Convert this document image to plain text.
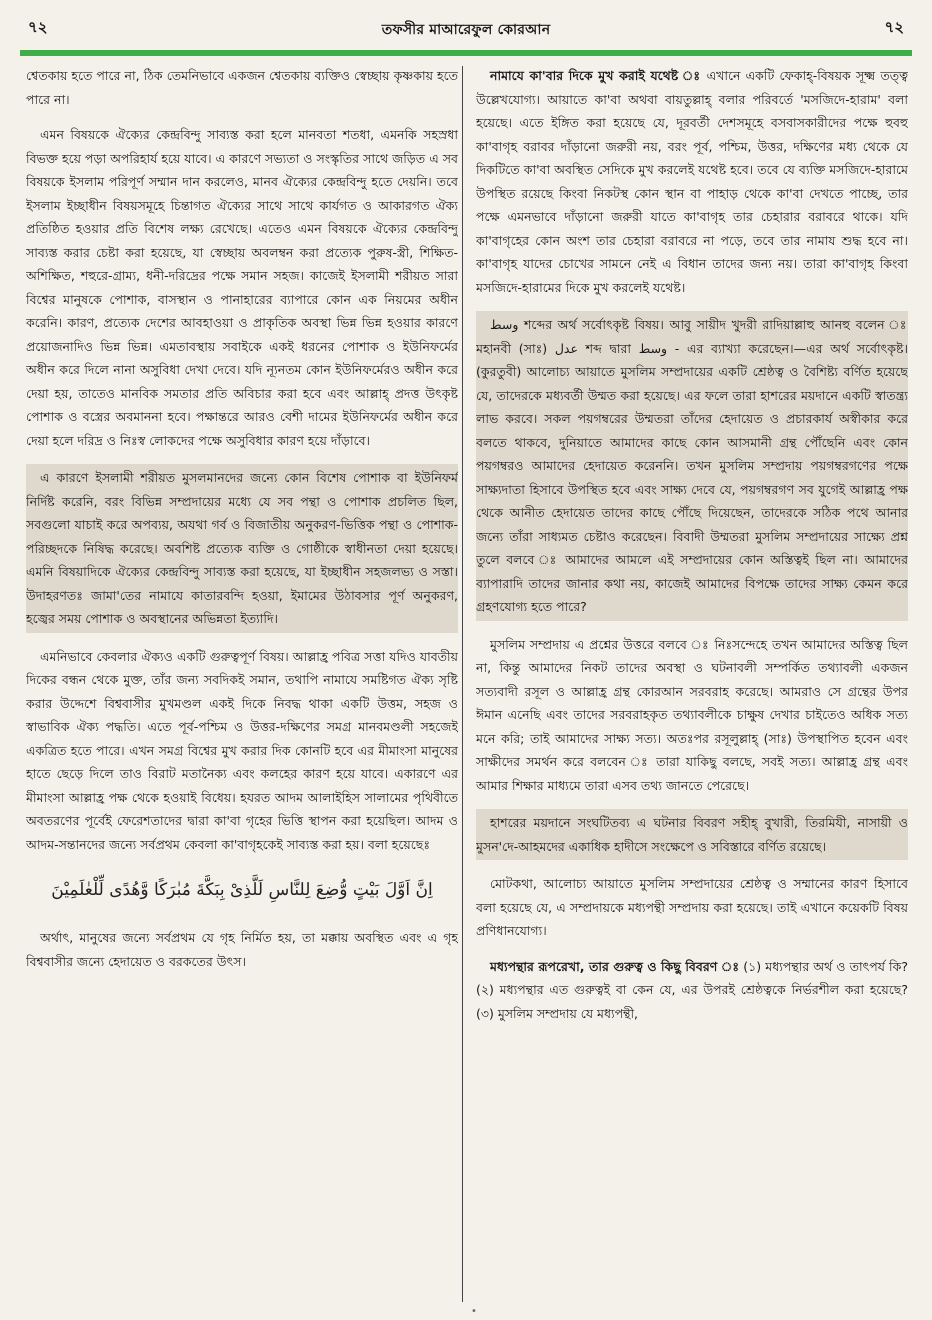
৭২	তফসীর মাআরেফুল কোরআন	৭২

শ্বেতকায় হতে পারে না, ঠিক তেমনিভাবে একজন শ্বেতকায় ব্যক্তিও স্বেচ্ছায় কৃষ্ণকায় হতে পারে না।

এমন বিষয়কে ঐক্যের কেন্দ্রবিন্দু সাব্যস্ত করা হলে মানবতা শতধা, এমনকি সহস্রধা বিভক্ত হয়ে পড়া অপরিহার্য হয়ে যাবে। এ কারণে সভ্যতা ও সংস্কৃতির সাথে জড়িত এ সব বিষয়কে ইসলাম পরিপূর্ণ সম্মান দান করলেও, মানব ঐক্যের কেন্দ্রবিন্দু হতে দেয়নি। তবে ইসলাম ইচ্ছাধীন বিষয়সমূহে চিন্তাগত ঐক্যের সাথে সাথে কার্যগত ও আকারগত ঐক্য প্রতিষ্ঠিত হওয়ার প্রতি বিশেষ লক্ষ্য রেখেছে। এতেও এমন বিষয়কে ঐক্যের কেন্দ্রবিন্দু সাব্যস্ত করার চেষ্টা করা হয়েছে, যা স্বেচ্ছায় অবলম্বন করা প্রত্যেক পুরুষ-স্ত্রী, শিক্ষিত-অশিক্ষিত, শহুরে-গ্রাম্য, ধনী-দরিদ্রের পক্ষে সমান সহজ। কাজেই ইসলামী শরীয়ত সারা বিশ্বের মানুষকে পোশাক, বাসস্থান ও পানাহারের ব্যাপারে কোন এক নিয়মের অধীন করেনি। কারণ, প্রত্যেক দেশের আবহাওয়া ও প্রাকৃতিক অবস্থা ভিন্ন ভিন্ন হওয়ার কারণে প্রয়োজনাদিও ভিন্ন ভিন্ন। এমতাবস্থায় সবাইকে একই ধরনের পোশাক ও ইউনিফর্মের অধীন করে দিলে নানা অসুবিধা দেখা দেবে। যদি ন্যূনতম কোন ইউনিফর্মেরও অধীন করে দেয়া হয়, তাতেও মানবিক সমতার প্রতি অবিচার করা হবে এবং আল্লাহ্ প্রদত্ত উৎকৃষ্ট পোশাক ও বস্ত্রের অবমাননা হবে। পক্ষান্তরে আরও বেশী দামের ইউনিফর্মের অধীন করে দেয়া হলে দরিদ্র ও নিঃস্ব লোকদের পক্ষে অসুবিধার কারণ হয়ে দাঁড়াবে।

এ কারণে ইসলামী শরীয়ত মুসলমানদের জন্যে কোন বিশেষ পোশাক বা ইউনিফর্ম নির্দিষ্ট করেনি, বরং বিভিন্ন সম্প্রদায়ের মধ্যে যে সব পন্থা ও পোশাক প্রচলিত ছিল, সবগুলো যাচাই করে অপব্যয়, অযথা গর্ব ও বিজাতীয় অনুকরণ-ভিত্তিক পন্থা ও পোশাক-পরিচ্ছদকে নিষিদ্ধ করেছে। অবশিষ্ট প্রত্যেক ব্যক্তি ও গোষ্ঠীকে স্বাধীনতা দেয়া হয়েছে। এমনি বিষয়াদিকে ঐক্যের কেন্দ্রবিন্দু সাব্যস্ত করা হয়েছে, যা ইচ্ছাধীন সহজলভ্য ও সস্তা। উদাহরণতঃ জামা'তের নামাযে কাতারবন্দি হওয়া, ইমামের উঠাবসার পূর্ণ অনুকরণ, হজ্বের সময় পোশাক ও অবস্থানের অভিন্নতা ইত্যাদি।

এমনিভাবে কেবলার ঐক্যও একটি গুরুত্বপূর্ণ বিষয়। আল্লাহ্র পবিত্র সত্তা যদিও যাবতীয় দিকের বন্ধন থেকে মুক্ত, তাঁর জন্য সবদিকই সমান, তথাপি নামাযে সমষ্টিগত ঐক্য সৃষ্টি করার উদ্দেশে বিশ্ববাসীর মুখমণ্ডল একই দিকে নিবদ্ধ থাকা একটি উত্তম, সহজ ও স্বাভাবিক ঐক্য পদ্ধতি। এতে পূর্ব-পশ্চিম ও উত্তর-দক্ষিণের সমগ্র মানবমণ্ডলী সহজেই একত্রিত হতে পারে। এখন সমগ্র বিশ্বের মুখ করার দিক কোনটি হবে এর মীমাংসা মানুষের হাতে ছেড়ে দিলে তাও বিরাট মতানৈক্য এবং কলহের কারণ হয়ে যাবে। একারণে এর মীমাংসা আল্লাহ্র পক্ষ থেকে হওয়াই বিধেয়। হযরত আদম আলাইহিস সালামের পৃথিবীতে অবতরণের পূর্বেই ফেরেশতাদের দ্বারা কা'বা গৃহের ভিত্তি স্থাপন করা হয়েছিল। আদম ও আদম-সন্তানদের জন্যে সর্বপ্রথম কেবলা কা'বাগৃহকেই সাব্যস্ত করা হয়। বলা হয়েছেঃ

اِنَّ اَوَّلَ بَيْتٍ وُّضِعَ لِلنَّاسِ لَلَّذِىْ بِبَكَّةَ مُبٰرَكًا وَّهُدًى لِّلْعٰلَمِيْنَ

অর্থাৎ, মানুষের জন্যে সর্বপ্রথম যে গৃহ নির্মিত হয়, তা মক্কায় অবস্থিত এবং এ গৃহ বিশ্ববাসীর জন্যে হেদায়েত ও বরকতের উৎস।

নামাযে কা'বার দিকে মুখ করাই যথেষ্ট ঃ এখানে একটি ফেকাহ্-বিষয়ক সূক্ষ্ম তত্ত্ব উল্লেখযোগ্য। আয়াতে কা'বা অথবা বায়তুল্লাহ্ বলার পরিবর্তে 'মসজিদে-হারাম' বলা হয়েছে। এতে ইঙ্গিত করা হয়েছে যে, দূরবর্তী দেশসমূহে বসবাসকারীদের পক্ষে হুবহু কা'বাগৃহ বরাবর দাঁড়ানো জরুরী নয়, বরং পূর্ব, পশ্চিম, উত্তর, দক্ষিণের মধ্য থেকে যে দিকটিতে কা'বা অবস্থিত সেদিকে মুখ করলেই যথেষ্ট হবে। তবে যে ব্যক্তি মসজিদে-হারামে উপস্থিত রয়েছে কিংবা নিকটস্থ কোন স্থান বা পাহাড় থেকে কা'বা দেখতে পাচ্ছে, তার পক্ষে এমনভাবে দাঁড়ানো জরুরী যাতে কা'বাগৃহ তার চেহারার বরাবরে থাকে। যদি কা'বাগৃহের কোন অংশ তার চেহারা বরাবরে না পড়ে, তবে তার নামায শুদ্ধ হবে না। কা'বাগৃহ যাদের চোখের সামনে নেই এ বিধান তাদের জন্য নয়। তারা কা'বাগৃহ কিংবা মসজিদে-হারামের দিকে মুখ করলেই যথেষ্ট।

وسط শব্দের অর্থ সর্বোৎকৃষ্ট বিষয়। আবু সায়ীদ খুদরী রাদিয়াল্লাহু আনহু বলেন ঃ মহানবী (সাঃ) عدل শব্দ দ্বারা وسط - এর ব্যাখ্যা করেছেন।—এর অর্থ সর্বোৎকৃষ্ট। (কুরতুবী) আলোচ্য আয়াতে মুসলিম সম্প্রদায়ের একটি শ্রেষ্ঠত্ব ও বৈশিষ্ট্য বর্ণিত হয়েছে যে, তাদেরকে মধ্যবর্তী উম্মত করা হয়েছে। এর ফলে তারা হাশরের ময়দানে একটি স্বাতন্ত্র্য লাভ করবে। সকল পয়গম্বরের উম্মতরা তাঁদের হেদায়েত ও প্রচারকার্য অস্বীকার করে বলতে থাকবে, দুনিয়াতে আমাদের কাছে কোন আসমানী গ্রন্থ পৌঁছেনি এবং কোন পয়গম্বরও আমাদের হেদায়েত করেননি। তখন মুসলিম সম্প্রদায় পয়গম্বরগণের পক্ষে সাক্ষ্যদাতা হিসাবে উপস্থিত হবে এবং সাক্ষ্য দেবে যে, পয়গম্বরগণ সব যুগেই আল্লাহ্র পক্ষ থেকে আনীত হেদায়েত তাদের কাছে পৌঁছে দিয়েছেন, তাদেরকে সঠিক পথে আনার জন্যে তাঁরা সাধ্যমত চেষ্টাও করেছেন। বিবাদী উম্মতরা মুসলিম সম্প্রদায়ের সাক্ষ্যে প্রশ্ন তুলে বলবে ঃ আমাদের আমলে এই সম্প্রদায়ের কোন অস্তিত্বই ছিল না। আমাদের ব্যাপারাদি তাদের জানার কথা নয়, কাজেই আমাদের বিপক্ষে তাদের সাক্ষ্য কেমন করে গ্রহণযোগ্য হতে পারে?

মুসলিম সম্প্রদায় এ প্রশ্নের উত্তরে বলবে ঃ নিঃসন্দেহে তখন আমাদের অস্তিত্ব ছিল না, কিন্তু আমাদের নিকট তাদের অবস্থা ও ঘটনাবলী সম্পর্কিত তথ্যাবলী একজন সত্যবাদী রসূল ও আল্লাহ্র গ্রন্থ কোরআন সরবরাহ করেছে। আমরাও সে গ্রন্থের উপর ঈমান এনেছি এবং তাদের সরবরাহকৃত তথ্যাবলীকে চাক্ষুষ দেখার চাইতেও অধিক সত্য মনে করি; তাই আমাদের সাক্ষ্য সত্য। অতঃপর রসূলুল্লাহ্ (সাঃ) উপস্থাপিত হবেন এবং সাক্ষীদের সমর্থন করে বলবেন ঃ তারা যাকিছু বলছে, সবই সত্য। আল্লাহ্র গ্রন্থ এবং আমার শিক্ষার মাধ্যমে তারা এসব তথ্য জানতে পেরেছে।

হাশরের ময়দানে সংঘটিতব্য এ ঘটনার বিবরণ সহীহ্ বুখারী, তিরমিযী, নাসায়ী ও মুসন'দে-আহমদের একাধিক হাদীসে সংক্ষেপে ও সবিস্তারে বর্ণিত রয়েছে।

মোটকথা, আলোচ্য আয়াতে মুসলিম সম্প্রদায়ের শ্রেষ্ঠত্ব ও সম্মানের কারণ হিসাবে বলা হয়েছে যে, এ সম্প্রদায়কে মধ্যপন্থী সম্প্রদায় করা হয়েছে। তাই এখানে কয়েকটি বিষয় প্রণিধানযোগ্য।

মধ্যপন্থার রূপরেখা, তার গুরুত্ব ও কিছু বিবরণ ঃ (১) মধ্যপন্থার অর্থ ও তাৎপর্য কি? (২) মধ্যপন্থার এত গুরুত্বই বা কেন যে, এর উপরই শ্রেষ্ঠত্বকে নির্ভরশীল করা হয়েছে? (৩) মুসলিম সম্প্রদায় যে মধ্যপন্থী,

•
